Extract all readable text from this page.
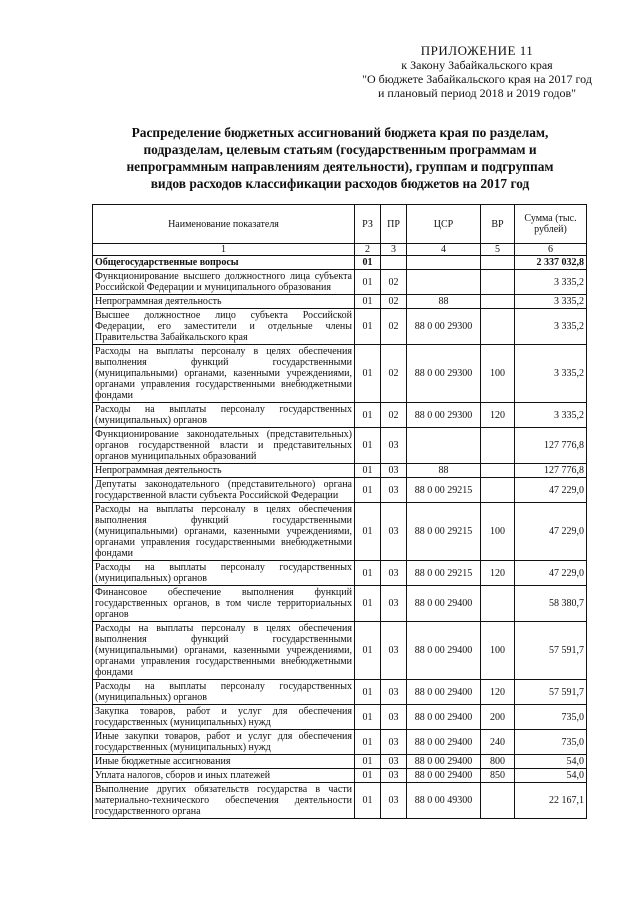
ПРИЛОЖЕНИЕ 11
к Закону Забайкальского края
"О бюджете Забайкальского края на 2017 год
и плановый период 2018 и 2019 годов"
Распределение бюджетных ассигнований бюджета края по разделам,
подразделам, целевым статьям (государственным программам и
непрограммным направлениям деятельности), группам и подгруппам
видов расходов классификации расходов бюджетов на 2017 год
Наименование показателя	РЗ	ПР	ЦСР	ВР	Сумма (тыс. рублей)
1	2	3	4	5	6
Общегосударственные вопросы	01				2 337 032,8
Функционирование высшего должностного лица субъекта Российской Федерации и муниципального образования	01	02			3 335,2
Непрограммная деятельность	01	02	88		3 335,2
Высшее должностное лицо субъекта Российской Федерации, его заместители и отдельные члены Правительства Забайкальского края	01	02	88 0 00 29300		3 335,2
Расходы на выплаты персоналу в целях обеспечения выполнения функций государственными (муниципальными) органами, казенными учреждениями, органами управления государственными внебюджетными фондами	01	02	88 0 00 29300	100	3 335,2
Расходы на выплаты персоналу государственных (муниципальных) органов	01	02	88 0 00 29300	120	3 335,2
Функционирование законодательных (представительных) органов государственной власти и представительных органов муниципальных образований	01	03			127 776,8
Непрограммная деятельность	01	03	88		127 776,8
Депутаты законодательного (представительного) органа государственной власти субъекта Российской Федерации	01	03	88 0 00 29215		47 229,0
Расходы на выплаты персоналу в целях обеспечения выполнения функций государственными (муниципальными) органами, казенными учреждениями, органами управления государственными внебюджетными фондами	01	03	88 0 00 29215	100	47 229,0
Расходы на выплаты персоналу государственных (муниципальных) органов	01	03	88 0 00 29215	120	47 229,0
Финансовое обеспечение выполнения функций государственных органов, в том числе территориальных органов	01	03	88 0 00 29400		58 380,7
Расходы на выплаты персоналу в целях обеспечения выполнения функций государственными (муниципальными) органами, казенными учреждениями, органами управления государственными внебюджетными фондами	01	03	88 0 00 29400	100	57 591,7
Расходы на выплаты персоналу государственных (муниципальных) органов	01	03	88 0 00 29400	120	57 591,7
Закупка товаров, работ и услуг для обеспечения государственных (муниципальных) нужд	01	03	88 0 00 29400	200	735,0
Иные закупки товаров, работ и услуг для обеспечения государственных (муниципальных) нужд	01	03	88 0 00 29400	240	735,0
Иные бюджетные ассигнования	01	03	88 0 00 29400	800	54,0
Уплата налогов, сборов и иных платежей	01	03	88 0 00 29400	850	54,0
Выполнение других обязательств государства в части материально-технического обеспечения деятельности государственного органа	01	03	88 0 00 49300		22 167,1
